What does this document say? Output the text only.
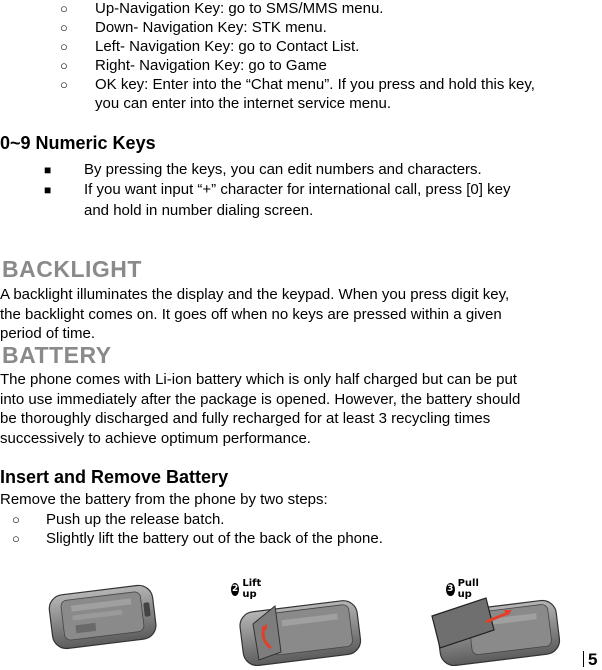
○ Up-Navigation Key: go to SMS/MMS menu.
○ Down- Navigation Key: STK menu.
○ Left- Navigation Key: go to Contact List.
○ Right- Navigation Key: go to Game
○ OK key: Enter into the “Chat menu”. If you press and hold this key,
you can enter into the internet service menu.
0~9 Numeric Keys
■ By pressing the keys, you can edit numbers and characters.
■ If you want input “+” character for international call, press [0] key
and hold in number dialing screen.
BACKLIGHT
A backlight illuminates the display and the keypad. When you press digit key,
the backlight comes on. It goes off when no keys are pressed within a given
period of time.
BATTERY
The phone comes with Li-ion battery which is only half charged but can be put
into use immediately after the package is opened. However, the battery should
be thoroughly discharged and fully recharged for at least 3 recycling times
successively to achieve optimum performance.
Insert and Remove Battery
Remove the battery from the phone by two steps:
○ Push up the release batch.
○ Slightly lift the battery out of the back of the phone.
2 Lift up
3 Pull up
5
